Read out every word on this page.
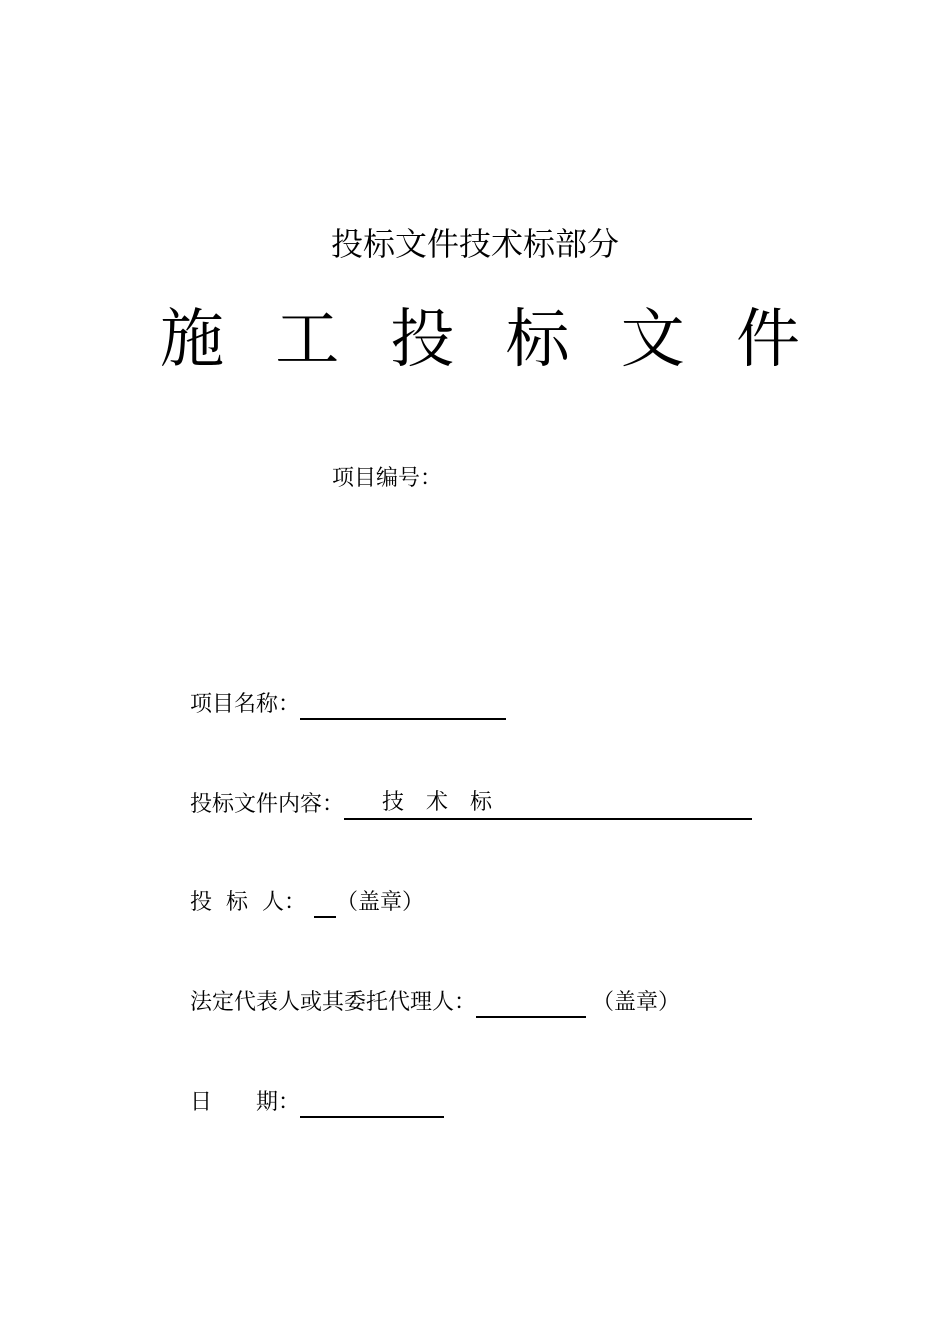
投标文件技术标部分
施 工 投 标 文 件
项目编号：
项目名称：
投标文件内容：	技　术　标
投  标  人： （盖章）
法定代表人或其委托代理人：	（盖章）
日　　期：
